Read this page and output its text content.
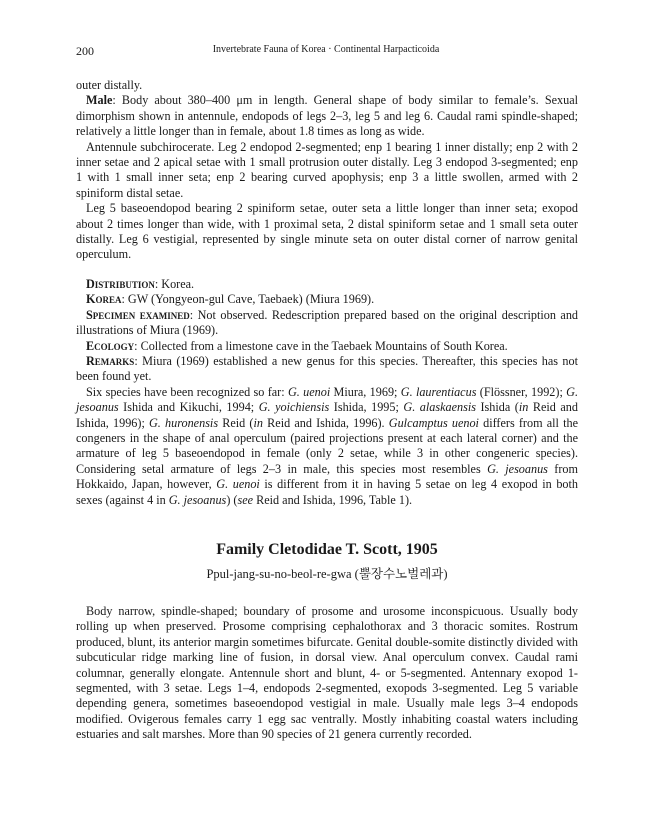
200	Invertebrate Fauna of Korea · Continental Harpacticoida

outer distally.

Male: Body about 380–400 μm in length. General shape of body similar to female’s. Sexual dimorphism shown in antennule, endopods of legs 2–3, leg 5 and leg 6. Caudal rami spindle-shaped; relatively a little longer than in female, about 1.8 times as long as wide.

Antennule subchirocerate. Leg 2 endopod 2-segmented; enp 1 bearing 1 inner distally; enp 2 with 2 inner setae and 2 apical setae with 1 small protrusion outer distally. Leg 3 endopod 3-segmented; enp 1 with 1 small inner seta; enp 2 bearing curved apophysis; enp 3 a little swollen, armed with 2 spiniform distal setae.

Leg 5 baseoendopod bearing 2 spiniform setae, outer seta a little longer than inner seta; exopod about 2 times longer than wide, with 1 proximal seta, 2 distal spiniform setae and 1 small seta outer distally. Leg 6 vestigial, represented by single minute seta on outer distal corner of narrow genital operculum.

Distribution: Korea.

Korea: GW (Yongyeon-gul Cave, Taebaek) (Miura 1969).

Specimen examined: Not observed. Redescription prepared based on the original description and illustrations of Miura (1969).

Ecology: Collected from a limestone cave in the Taebaek Mountains of South Korea.

Remarks: Miura (1969) established a new genus for this species. Thereafter, this species has not been found yet.

Six species have been recognized so far: G. uenoi Miura, 1969; G. laurentiacus (Flössner, 1992); G. jesoanus Ishida and Kikuchi, 1994; G. yoichiensis Ishida, 1995; G. alaskaensis Ishida (in Reid and Ishida, 1996); G. huronensis Reid (in Reid and Ishida, 1996). Gulcamptus uenoi differs from all the congeners in the shape of anal operculum (paired projections present at each lateral corner) and the armature of leg 5 baseoendopod in female (only 2 setae, while 3 in other congeneric species). Considering setal armature of legs 2–3 in male, this species most resembles G. jesoanus from Hokkaido, Japan, however, G. uenoi is different from it in having 5 setae on leg 4 exopod in both sexes (against 4 in G. jesoanus) (see Reid and Ishida, 1996, Table 1).

Family Cletodidae T. Scott, 1905
Ppul-jang-su-no-beol-re-gwa (뿔장수노벌레과)

Body narrow, spindle-shaped; boundary of prosome and urosome inconspicuous. Usually body rolling up when preserved. Prosome comprising cephalothorax and 3 thoracic somites. Rostrum produced, blunt, its anterior margin sometimes bifurcate. Genital double-somite distinctly divided with subcuticular ridge marking line of fusion, in dorsal view. Anal operculum convex. Caudal rami columnar, generally elongate. Antennule short and blunt, 4- or 5-segmented. Antennary exopod 1-segmented, with 3 setae. Legs 1–4, endopods 2-segmented, exopods 3-segmented. Leg 5 variable depending genera, sometimes baseoendopod vestigial in male. Usually male legs 3–4 endopods modified. Ovigerous females carry 1 egg sac ventrally. Mostly inhabiting coastal waters including estuaries and salt marshes. More than 90 species of 21 genera currently recorded.
